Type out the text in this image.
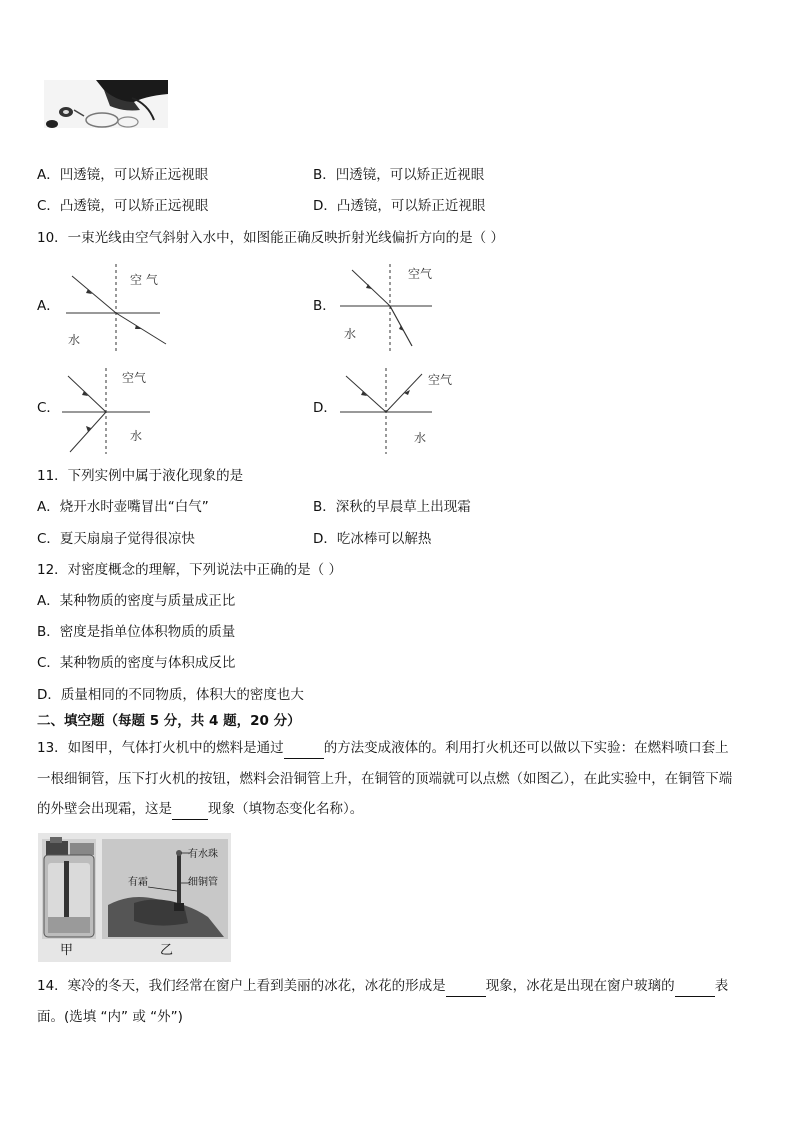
A．凹透镜，可以矫正远视眼	B．凹透镜，可以矫正近视眼
C．凸透镜，可以矫正远视眼	D．凸透镜，可以矫正近视眼
10．一束光线由空气斜射入水中，如图能正确反映折射光线偏折方向的是（ ）
A．
空 气
水
B．
空气
水
C．
空气
水
D．
空气
水
11．下列实例中属于液化现象的是
A．烧开水时壶嘴冒出“白气”	B．深秋的早晨草上出现霜
C．夏天扇扇子觉得很凉快	D．吃冰棒可以解热
12．对密度概念的理解，下列说法中正确的是（ ）
A．某种物质的密度与质量成正比
B．密度是指单位体积物质的质量
C．某种物质的密度与体积成反比
D．质量相同的不同物质，体积大的密度也大
二、填空题（每题 5 分，共 4 题，20 分）
13．如图甲，气体打火机中的燃料是通过	的方法变成液体的。利用打火机还可以做以下实验：在燃料喷口套上
一根细铜管，压下打火机的按钮，燃料会沿铜管上升，在铜管的顶端就可以点燃（如图乙），在此实验中，在铜管下端
的外壁会出现霜，这是	现象（填物态变化名称）。
甲
有水珠
有霜	细铜管
乙
14．寒冷的冬天，我们经常在窗户上看到美丽的冰花，冰花的形成是	现象，冰花是出现在窗户玻璃的	表
面。(选填 “内” 或 “外”)
